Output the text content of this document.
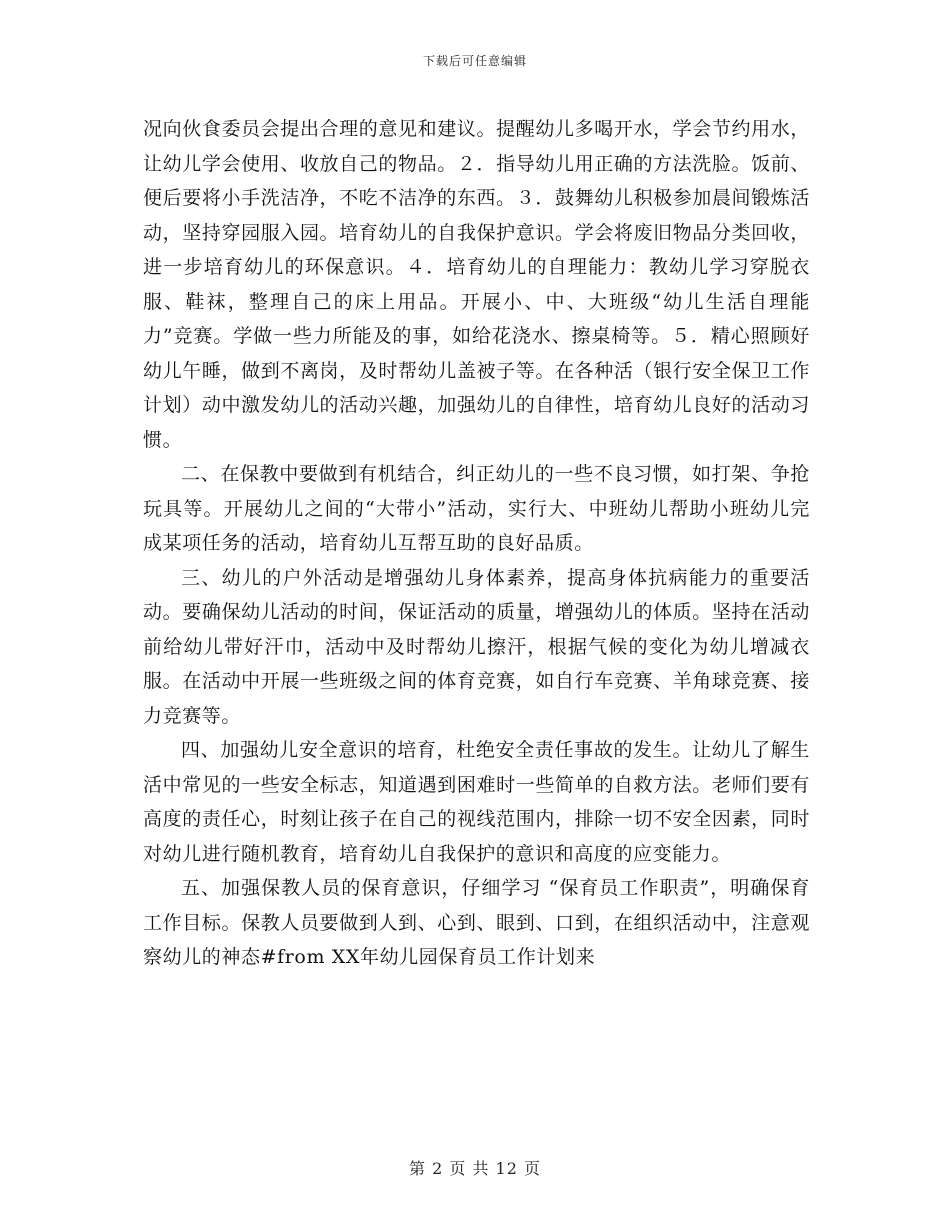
下载后可任意编辑

况向伙食委员会提出合理的意见和建议。提醒幼儿多喝开水，学会节约用水，让幼儿学会使用、收放自己的物品。２．指导幼儿用正确的方法洗脸。饭前、便后要将小手洗洁净，不吃不洁净的东西。３．鼓舞幼儿积极参加晨间锻炼活动，坚持穿园服入园。培育幼儿的自我保护意识。学会将废旧物品分类回收，进一步培育幼儿的环保意识。４．培育幼儿的自理能力：教幼儿学习穿脱衣服、鞋袜，整理自己的床上用品。开展小、中、大班级“幼儿生活自理能力”竞赛。学做一些力所能及的事，如给花浇水、擦桌椅等。５．精心照顾好幼儿午睡，做到不离岗，及时帮幼儿盖被子等。在各种活（银行安全保卫工作计划）动中激发幼儿的活动兴趣，加强幼儿的自律性，培育幼儿良好的活动习惯。

二、在保教中要做到有机结合，纠正幼儿的一些不良习惯，如打架、争抢玩具等。开展幼儿之间的“大带小”活动，实行大、中班幼儿帮助小班幼儿完成某项任务的活动，培育幼儿互帮互助的良好品质。

三、幼儿的户外活动是增强幼儿身体素养，提高身体抗病能力的重要活动。要确保幼儿活动的时间，保证活动的质量，增强幼儿的体质。坚持在活动前给幼儿带好汗巾，活动中及时帮幼儿擦汗，根据气候的变化为幼儿增减衣服。在活动中开展一些班级之间的体育竞赛，如自行车竞赛、羊角球竞赛、接力竞赛等。

四、加强幼儿安全意识的培育，杜绝安全责任事故的发生。让幼儿了解生活中常见的一些安全标志，知道遇到困难时一些简单的自救方法。老师们要有高度的责任心，时刻让孩子在自己的视线范围内，排除一切不安全因素，同时对幼儿进行随机教育，培育幼儿自我保护的意识和高度的应变能力。

五、加强保教人员的保育意识，仔细学习 “保育员工作职责”，明确保育工作目标。保教人员要做到人到、心到、眼到、口到，在组织活动中，注意观察幼儿的神态#from XX年幼儿园保育员工作计划来

第 2 页 共 12 页
